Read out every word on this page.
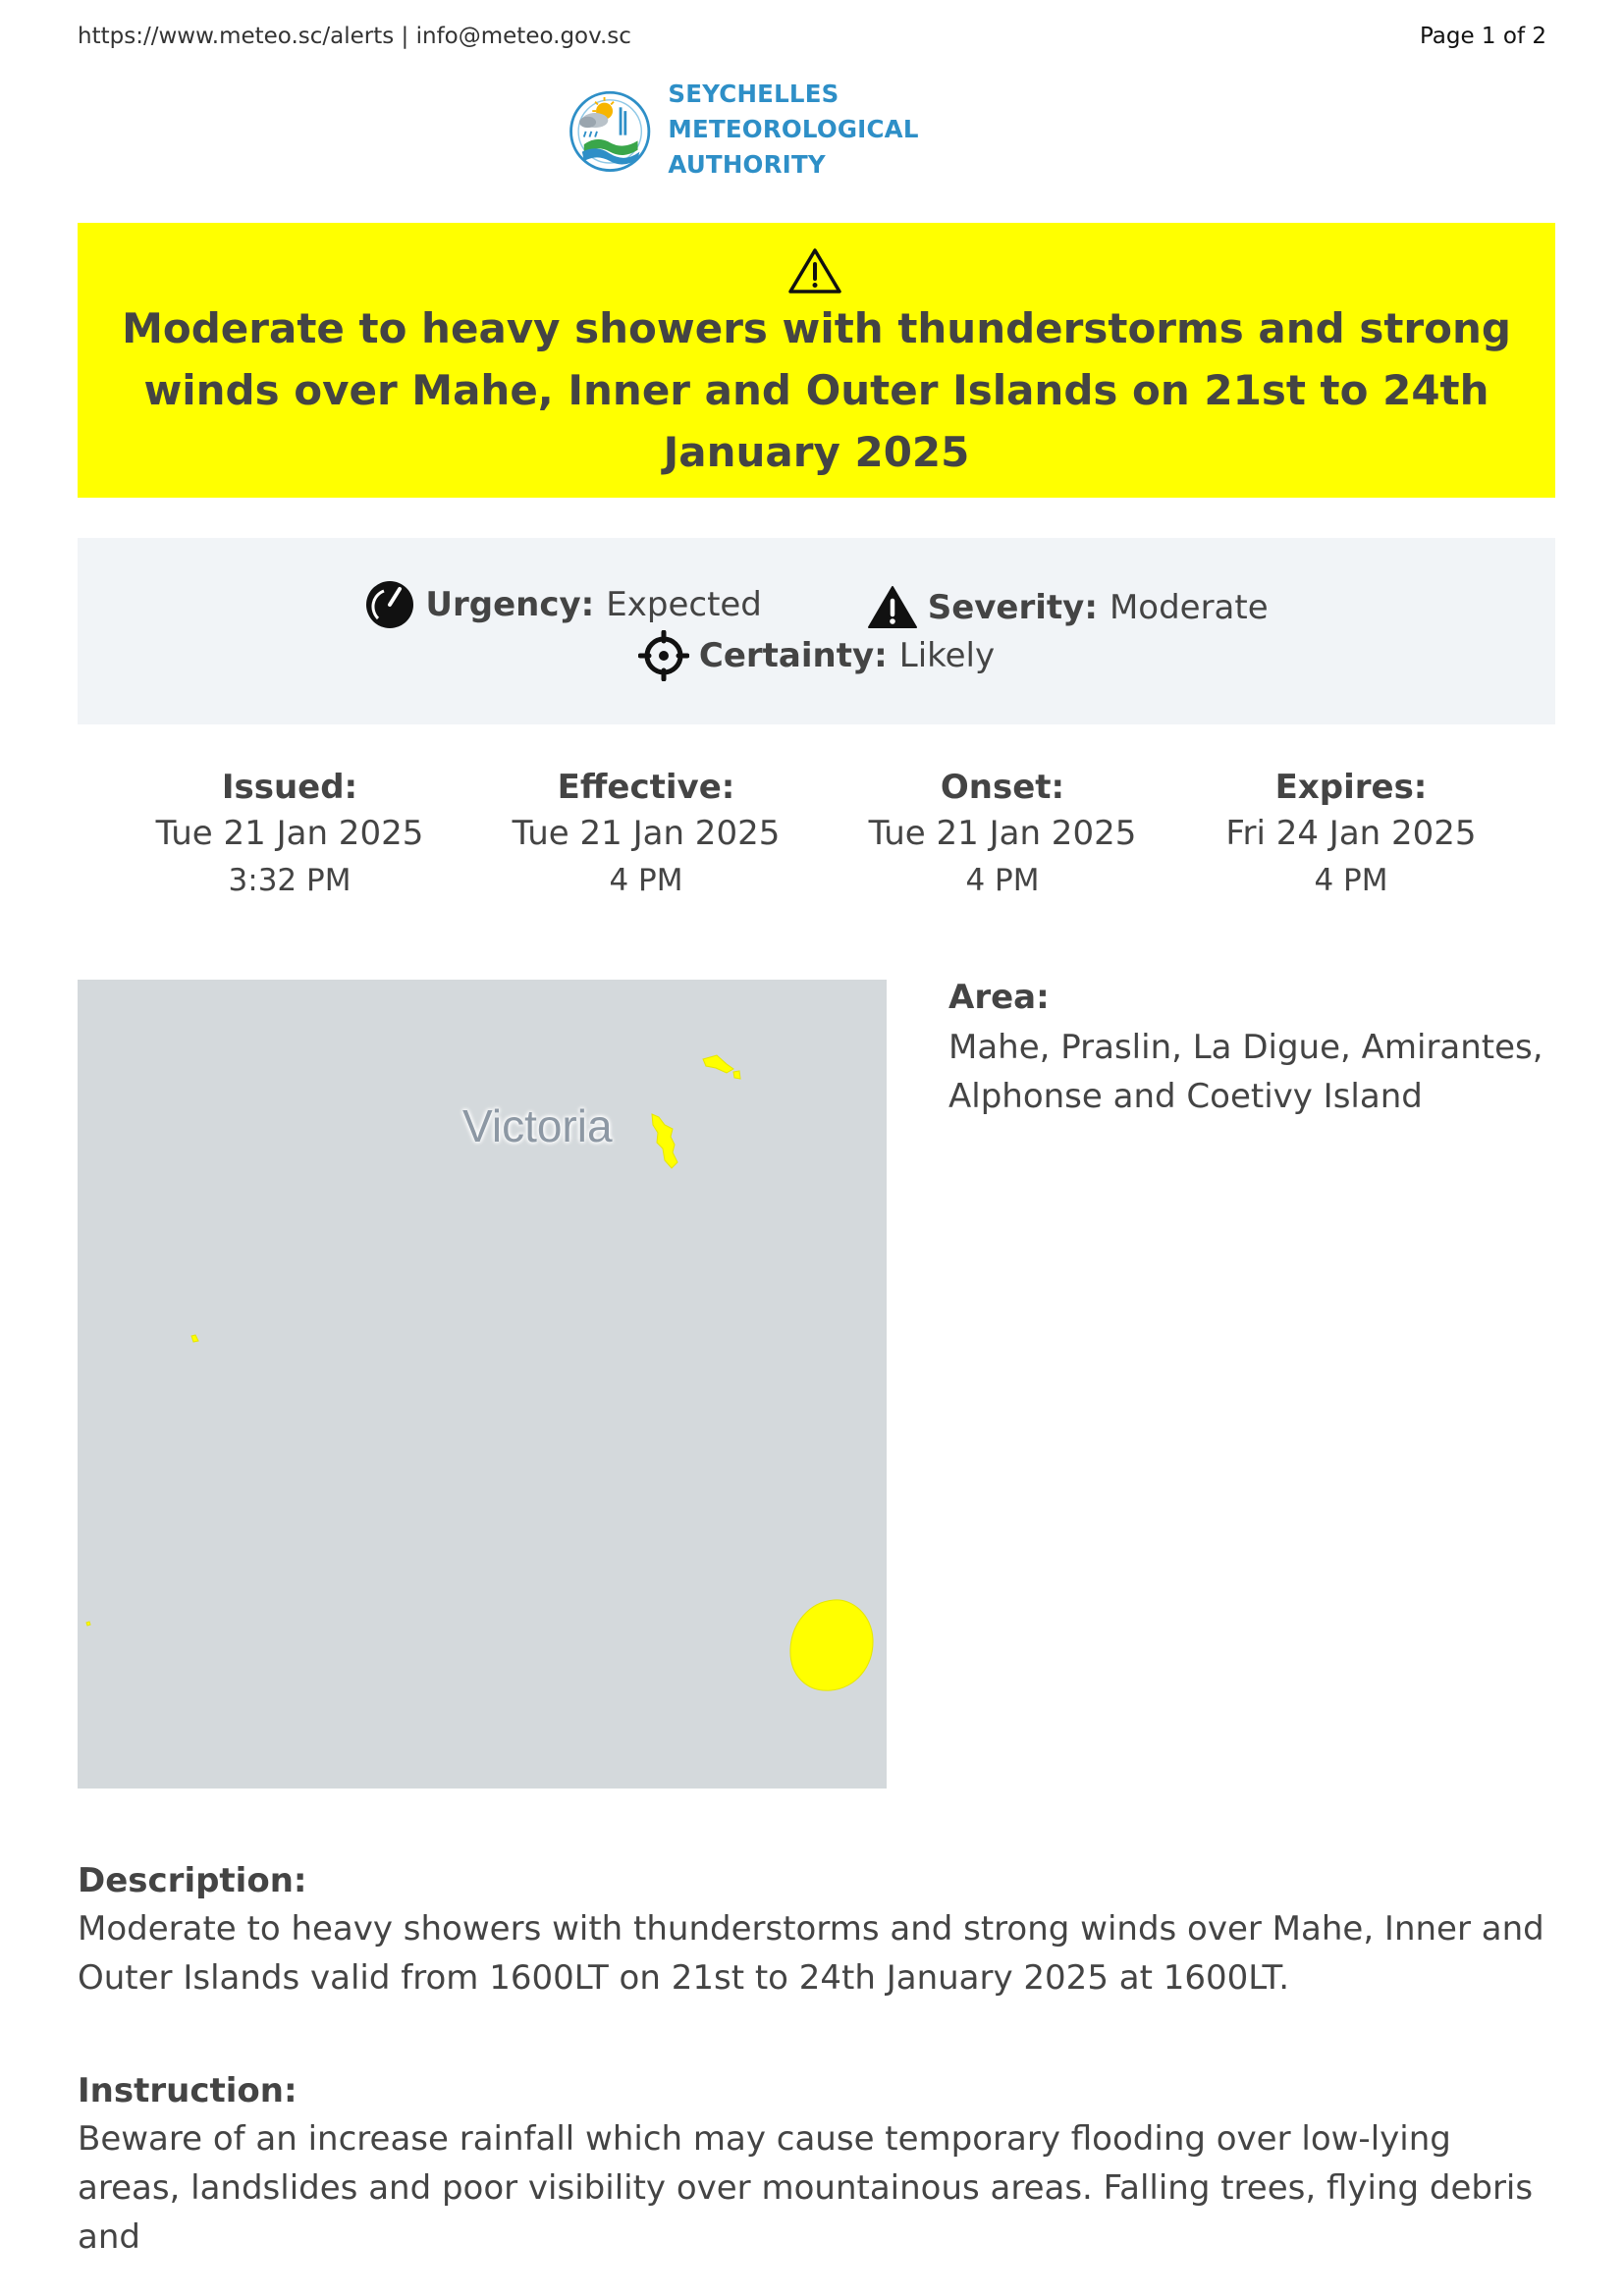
https://www.meteo.sc/alerts | info@meteo.gov.sc	Page 1 of 2
SEYCHELLES METEOROLOGICAL
AUTHORITY
Moderate to heavy showers with thunderstorms and strong winds over Mahe, Inner and Outer Islands on 21st to 24th January 2025
Urgency: Expected
	Severity: Moderate
Certainty: Likely
Issued:
Tue 21 Jan 2025
3:32 PM
Effective:
Tue 21 Jan 2025
4 PM
Onset:
Tue 21 Jan 2025
4 PM
Expires:
Fri 24 Jan 2025
4 PM
Victoria
Area:
Mahe, Praslin, La Digue, Amirantes, Alphonse and Coetivy Island
Description:
Moderate to heavy showers with thunderstorms and strong winds over Mahe, Inner and Outer Islands valid from 1600LT on 21st to 24th January 2025 at 1600LT.
Instruction:
Beware of an increase rainfall which may cause temporary flooding over low-lying areas, landslides and poor visibility over mountainous areas. Falling trees, flying debris and
